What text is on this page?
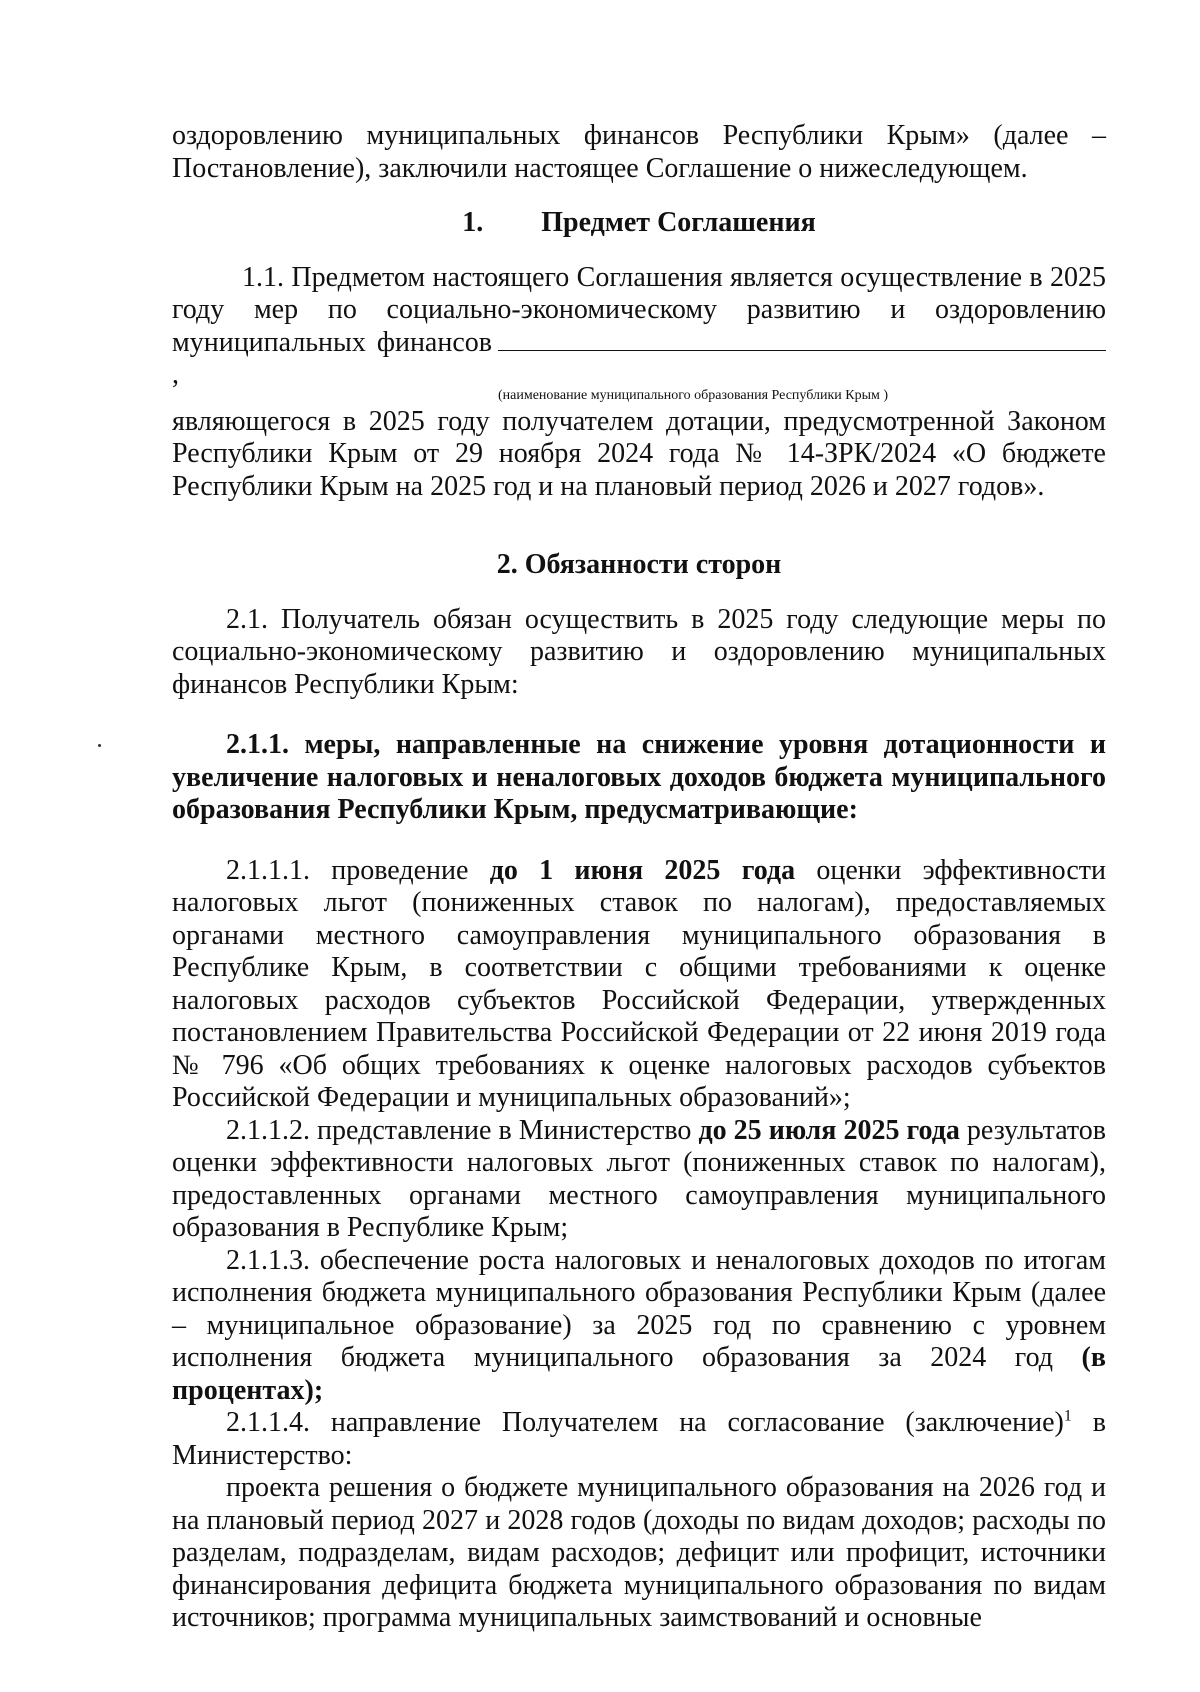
оздоровлению муниципальных финансов Республики Крым» (далее – Постановление), заключили настоящее Соглашение о нижеследующем.

1. Предмет Соглашения

1.1. Предметом настоящего Соглашения является осуществление в 2025 году мер по социально-экономическому развитию и оздоровлению муниципальных финансов,

(наименование муниципального образования Республики Крым )

являющегося в 2025 году получателем дотации, предусмотренной Законом Республики Крым от 29 ноября 2024 года № 14-ЗРК/2024 «О бюджете Республики Крым на 2025 год и на плановый период 2026 и 2027 годов».

2. Обязанности сторон

2.1. Получатель обязан осуществить в 2025 году следующие меры по социально-экономическому развитию и оздоровлению муниципальных финансов Республики Крым:

2.1.1. меры, направленные на снижение уровня дотационности и увеличение налоговых и неналоговых доходов бюджета муниципального образования Республики Крым, предусматривающие:

2.1.1.1. проведение до 1 июня 2025 года оценки эффективности налоговых льгот (пониженных ставок по налогам), предоставляемых органами местного самоуправления муниципального образования в Республике Крым, в соответствии с общими требованиями к оценке налоговых расходов субъектов Российской Федерации, утвержденных постановлением Правительства Российской Федерации от 22 июня 2019 года № 796 «Об общих требованиях к оценке налоговых расходов субъектов Российской Федерации и муниципальных образований»;

2.1.1.2. представление в Министерство до 25 июля 2025 года результатов оценки эффективности налоговых льгот (пониженных ставок по налогам), предоставленных органами местного самоуправления муниципального образования в Республике Крым;

2.1.1.3. обеспечение роста налоговых и неналоговых доходов по итогам исполнения бюджета муниципального образования Республики Крым (далее – муниципальное образование) за 2025 год по сравнению с уровнем исполнения бюджета муниципального образования за 2024 год (в процентах);

2.1.1.4. направление Получателем на согласование (заключение)$^1$ в Министерство:

проекта решения о бюджете муниципального образования на 2026 год и на плановый период 2027 и 2028 годов (доходы по видам доходов; расходы по разделам, подразделам, видам расходов; дефицит или профицит, источники финансирования дефицита бюджета муниципального образования по видам источников; программа муниципальных заимствований и основные
